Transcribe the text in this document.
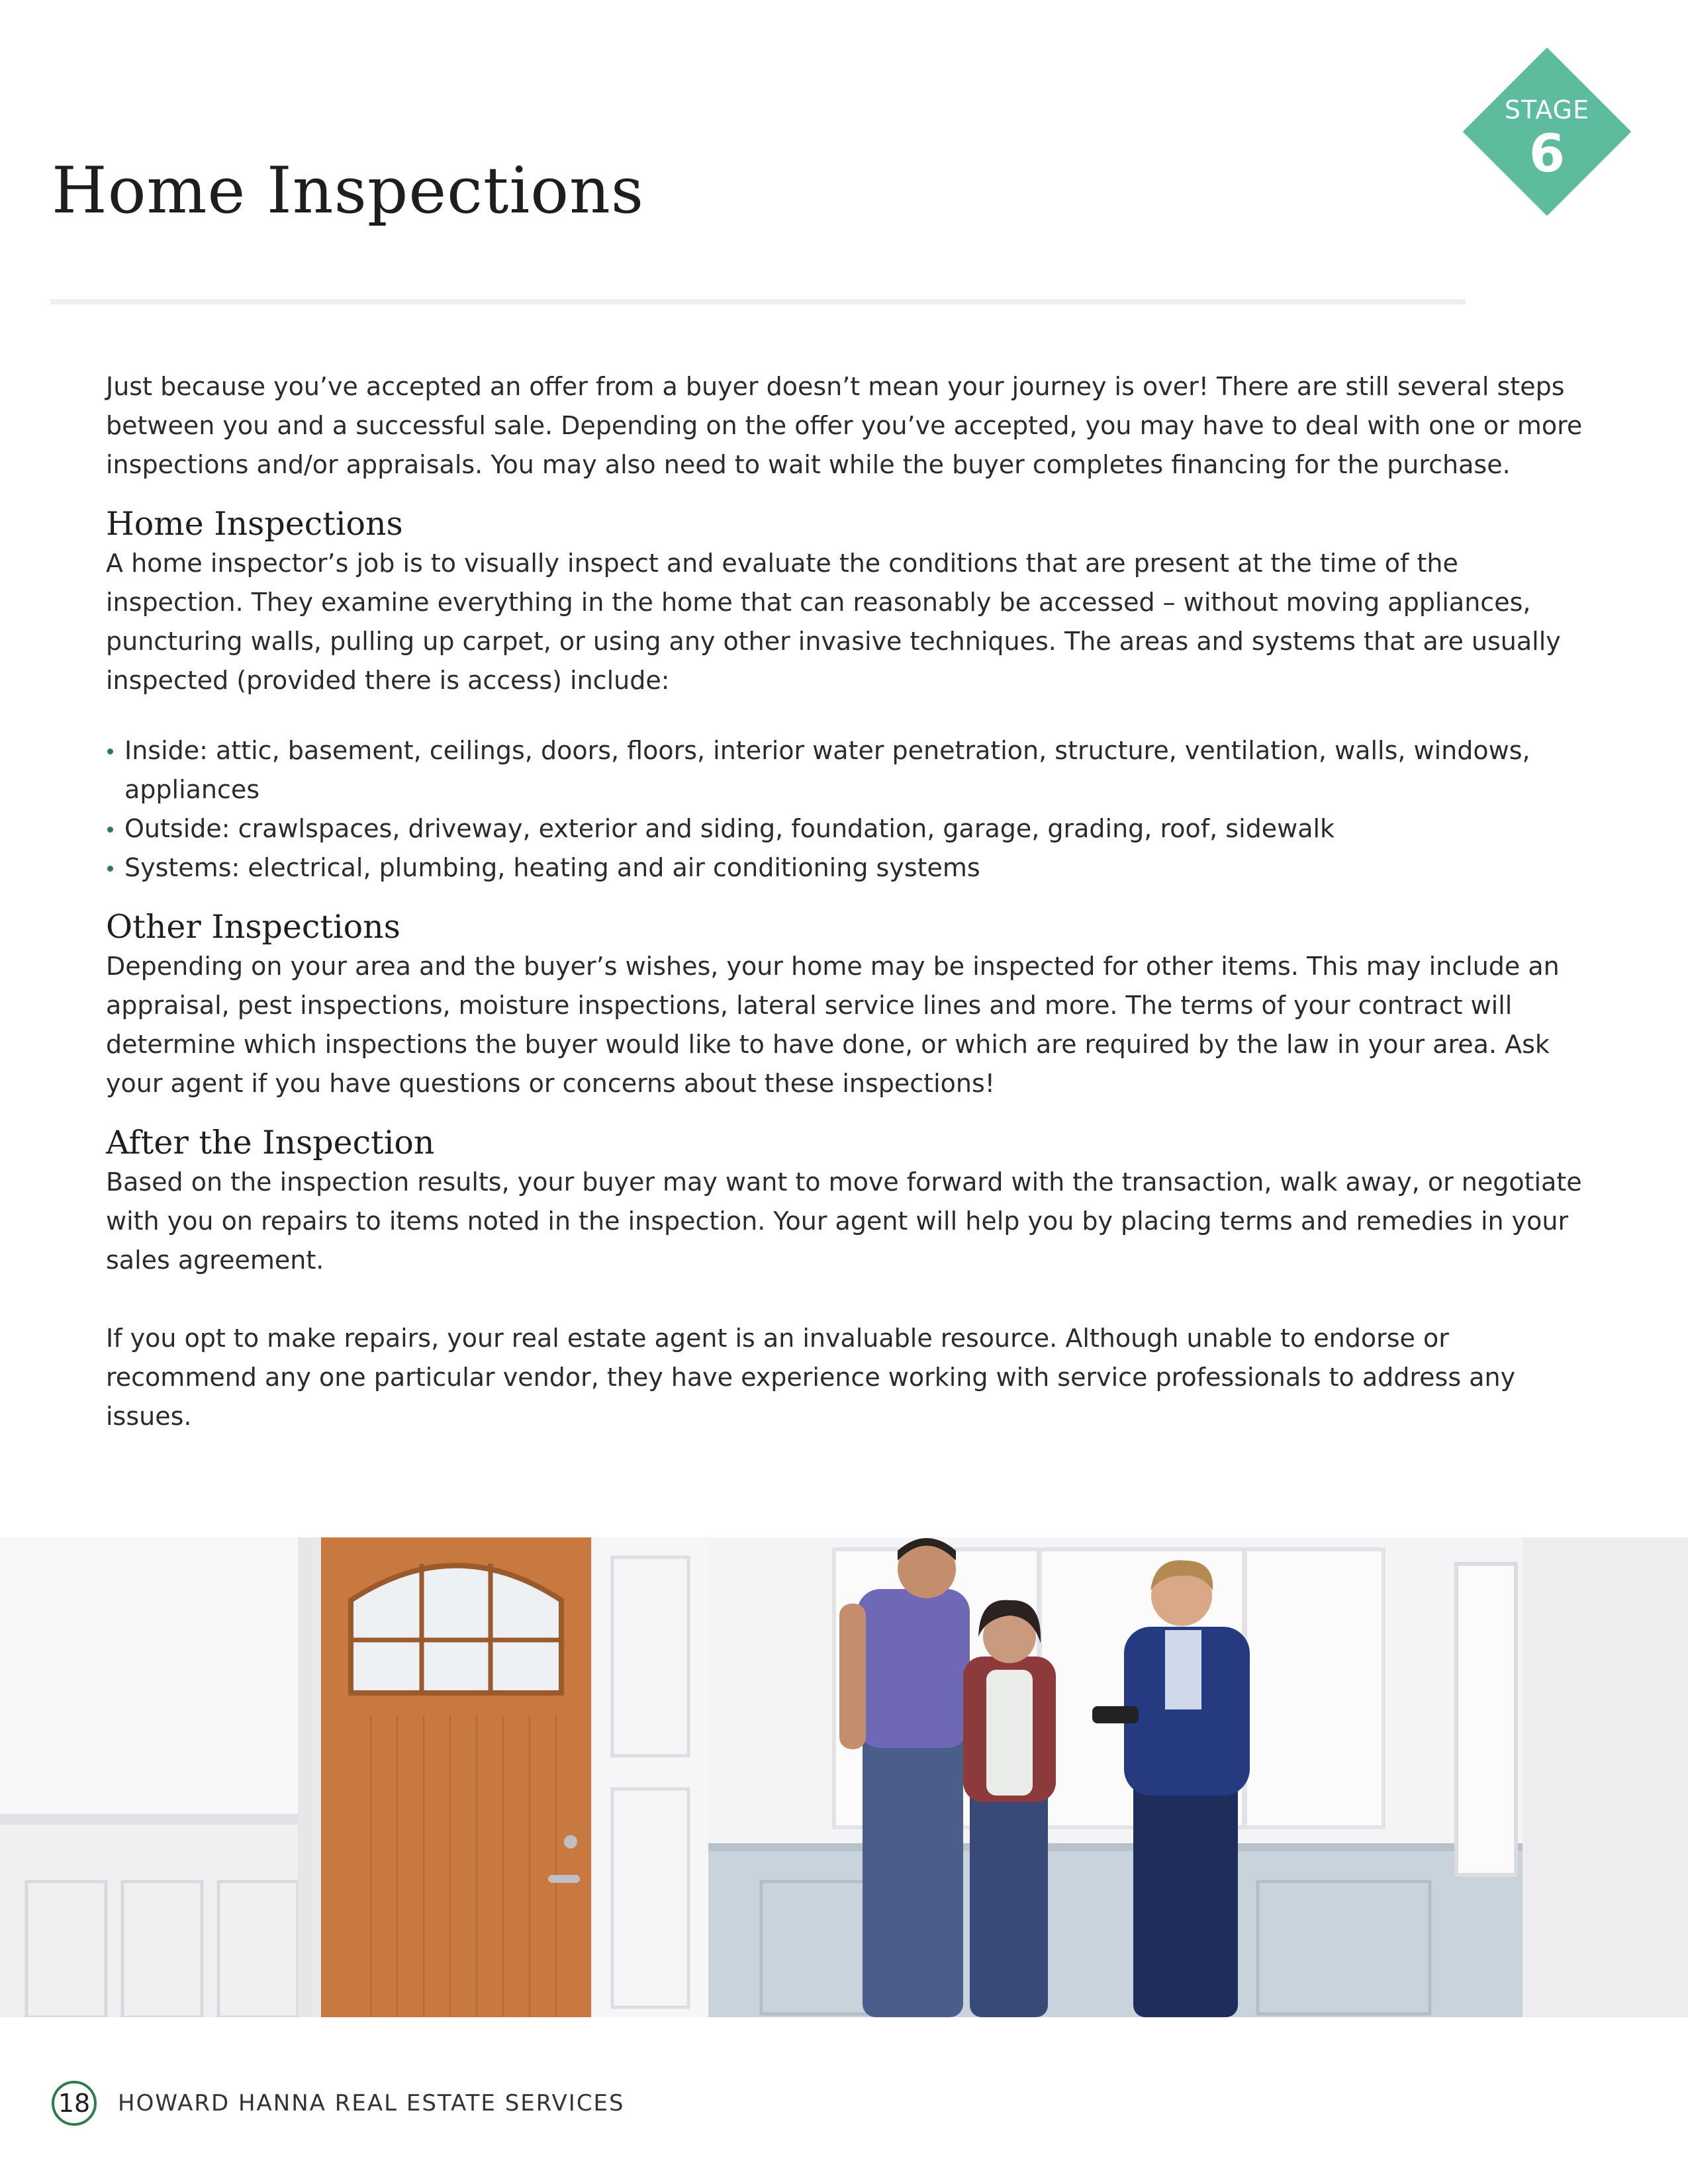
STAGE
6
Home Inspections

Just because you’ve accepted an offer from a buyer doesn’t mean your journey is over! There are still several steps between you and a successful sale. Depending on the offer you’ve accepted, you may have to deal with one or more inspections and/or appraisals. You may also need to wait while the buyer completes financing for the purchase.

Home Inspections

A home inspector’s job is to visually inspect and evaluate the conditions that are present at the time of the inspection. They examine everything in the home that can reasonably be accessed – without moving appliances, puncturing walls, pulling up carpet, or using any other invasive techniques. The areas and systems that are usually inspected (provided there is access) include:

Inside: attic, basement, ceilings, doors, floors, interior water penetration, structure, ventilation, walls, windows, appliances
Outside: crawlspaces, driveway, exterior and siding, foundation, garage, grading, roof, sidewalk
Systems: electrical, plumbing, heating and air conditioning systems
Other Inspections

Depending on your area and the buyer’s wishes, your home may be inspected for other items. This may include an appraisal, pest inspections, moisture inspections, lateral service lines and more. The terms of your contract will determine which inspections the buyer would like to have done, or which are required by the law in your area. Ask your agent if you have questions or concerns about these inspections!

After the Inspection

Based on the inspection results, your buyer may want to move forward with the transaction, walk away, or negotiate with you on repairs to items noted in the inspection. Your agent will help you by placing terms and remedies in your sales agreement.

If you opt to make repairs, your real estate agent is an invaluable resource. Although unable to endorse or recommend any one particular vendor, they have experience working with service professionals to address any issues.

18 HOWARD HANNA REAL ESTATE SERVICES
